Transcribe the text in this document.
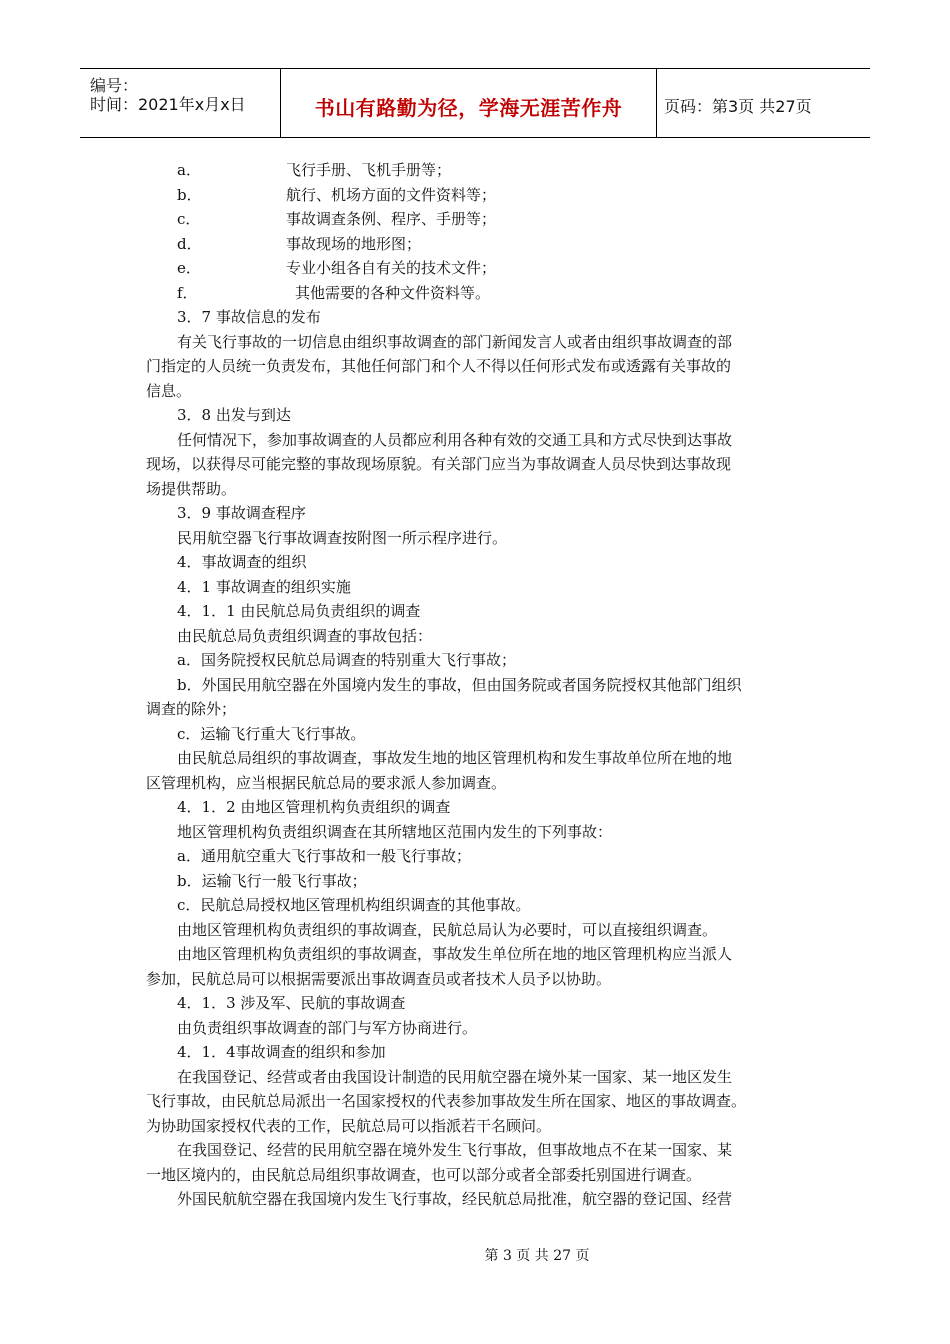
编号：
时间：2021年x月x日	书山有路勤为径，学海无涯苦作舟	页码：第3页 共27页

a．	飞行手册、飞机手册等；

b．	航行、机场方面的文件资料等；

c．	事故调查条例、程序、手册等；

d．	事故现场的地形图；

e．	专业小组各自有关的技术文件；

f．	其他需要的各种文件资料等。

3．7 事故信息的发布

有关飞行事故的一切信息由组织事故调查的部门新闻发言人或者由组织事故调查的部

门指定的人员统一负责发布，其他任何部门和个人不得以任何形式发布或透露有关事故的

信息。

3．8 出发与到达

任何情况下，参加事故调查的人员都应利用各种有效的交通工具和方式尽快到达事故

现场，以获得尽可能完整的事故现场原貌。有关部门应当为事故调查人员尽快到达事故现

场提供帮助。

3．9 事故调查程序

民用航空器飞行事故调查按附图一所示程序进行。

4．事故调查的组织

4．1 事故调查的组织实施

4．1．1 由民航总局负责组织的调查

由民航总局负责组织调查的事故包括：

a．国务院授权民航总局调查的特别重大飞行事故；

b．外国民用航空器在外国境内发生的事故，但由国务院或者国务院授权其他部门组织

调查的除外；

c．运输飞行重大飞行事故。

由民航总局组织的事故调查，事故发生地的地区管理机构和发生事故单位所在地的地

区管理机构，应当根据民航总局的要求派人参加调查。

4．1．2 由地区管理机构负责组织的调查

地区管理机构负责组织调查在其所辖地区范围内发生的下列事故：

a．通用航空重大飞行事故和一般飞行事故；

b．运输飞行一般飞行事故；

c．民航总局授权地区管理机构组织调查的其他事故。

由地区管理机构负责组织的事故调查，民航总局认为必要时，可以直接组织调查。

由地区管理机构负责组织的事故调查，事故发生单位所在地的地区管理机构应当派人

参加，民航总局可以根据需要派出事故调查员或者技术人员予以协助。

4．1．3 涉及军、民航的事故调查

由负责组织事故调查的部门与军方协商进行。

4．1．4事故调查的组织和参加

在我国登记、经营或者由我国设计制造的民用航空器在境外某一国家、某一地区发生

飞行事故，由民航总局派出一名国家授权的代表参加事故发生所在国家、地区的事故调查。

为协助国家授权代表的工作，民航总局可以指派若干名顾问。

在我国登记、经营的民用航空器在境外发生飞行事故，但事故地点不在某一国家、某

一地区境内的，由民航总局组织事故调查，也可以部分或者全部委托别国进行调查。

外国民航航空器在我国境内发生飞行事故，经民航总局批准，航空器的登记国、经营

第 3 页 共 27 页
